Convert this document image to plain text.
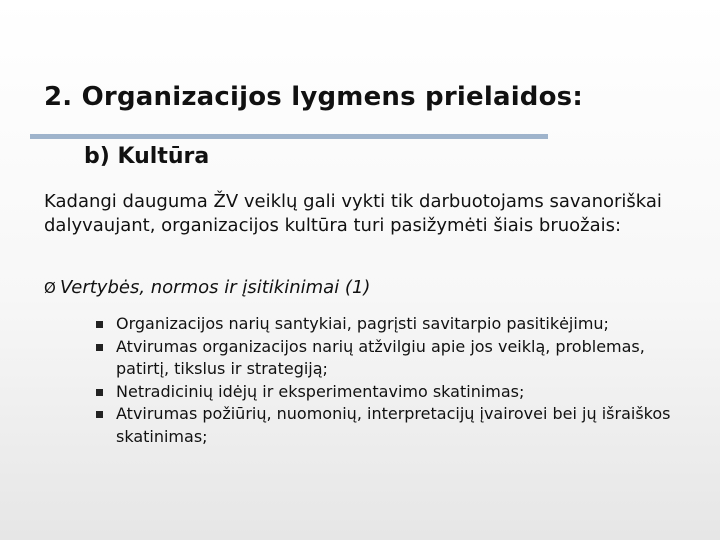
2. Organizacijos lygmens prielaidos:
b) Kultūra

Kadangi dauguma ŽV veiklų gali vykti tik darbuotojams savanoriškai dalyvaujant, organizacijos kultūra turi pasižymėti šiais bruožais:

Ø Vertybės, normos ir įsitikinimai (1)

Organizacijos narių santykiai, pagrįsti savitarpio pasitikėjimu;
Atvirumas organizacijos narių atžvilgiu apie jos veiklą, problemas, patirtį, tikslus ir strategiją;
Netradicinių idėjų ir eksperimentavimo skatinimas;
Atvirumas požiūrių, nuomonių, interpretacijų įvairovei bei jų išraiškos skatinimas;
